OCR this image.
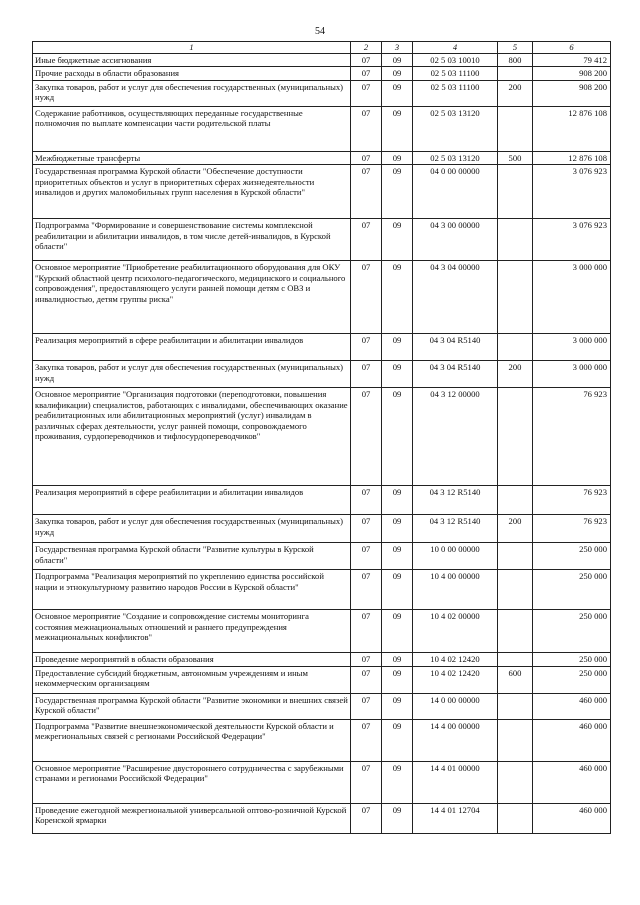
54
1	2	3	4	5	6
Иные бюджетные ассигнования	07	09	02 5 03 10010	800	79 412
Прочие расходы в области образования	07	09	02 5 03 11100		908 200
Закупка товаров, работ и услуг для обеспечения государственных (муниципальных) нужд	07	09	02 5 03 11100	200	908 200
Содержание работников, осуществляющих переданные государственные полномочия по выплате компенсации части родительской платы	07	09	02 5 03 13120		12 876 108
Межбюджетные трансферты	07	09	02 5 03 13120	500	12 876 108
Государственная программа Курской области "Обеспечение доступности приоритетных объектов и услуг в приоритетных сферах жизнедеятельности инвалидов и других маломобильных групп населения в Курской области"	07	09	04 0 00 00000		3 076 923
Подпрограмма "Формирование и совершенствование системы комплексной реабилитации и абилитации инвалидов, в том числе детей-инвалидов, в Курской области"	07	09	04 3 00 00000		3 076 923
Основное мероприятие "Приобретение реабилитационного оборудования для ОКУ "Курский областной центр психолого-педагогического, медицинского и социального сопровождения", предоставляющего услуги ранней помощи детям с ОВЗ и инвалидностью, детям группы риска"	07	09	04 3 04 00000		3 000 000
Реализация мероприятий в сфере реабилитации и абилитации инвалидов	07	09	04 3 04 R5140		3 000 000
Закупка товаров, работ и услуг для обеспечения государственных (муниципальных) нужд	07	09	04 3 04 R5140	200	3 000 000
Основное мероприятие "Организация подготовки (переподготовки, повышения квалификации) специалистов, работающих с инвалидами, обеспечивающих оказание реабилитационных или абилитационных мероприятий (услуг) инвалидам в различных сферах деятельности, услуг ранней помощи, сопровождаемого проживания, сурдопереводчиков и тифлосурдопереводчиков"	07	09	04 3 12 00000		76 923
Реализация мероприятий в сфере реабилитации и абилитации инвалидов	07	09	04 3 12 R5140		76 923
Закупка товаров, работ и услуг для обеспечения государственных (муниципальных) нужд	07	09	04 3 12 R5140	200	76 923
Государственная программа Курской области "Развитие культуры в Курской области"	07	09	10 0 00 00000		250 000
Подпрограмма "Реализация мероприятий по укреплению единства российской нации и этнокультурному развитию народов России в Курской области"	07	09	10 4 00 00000		250 000
Основное мероприятие "Создание и сопровождение системы мониторинга состояния межнациональных отношений и раннего предупреждения межнациональных конфликтов"	07	09	10 4 02 00000		250 000
Проведение мероприятий в области образования	07	09	10 4 02 12420		250 000
Предоставление субсидий бюджетным, автономным учреждениям и иным некоммерческим организациям	07	09	10 4 02 12420	600	250 000
Государственная программа Курской области "Развитие экономики и внешних связей Курской области"	07	09	14 0 00 00000		460 000
Подпрограмма "Развитие внешнеэкономической деятельности Курской области и межрегиональных связей с регионами Российской Федерации"	07	09	14 4 00 00000		460 000
Основное мероприятие "Расширение двустороннего сотрудничества с зарубежными странами и регионами Российской Федерации"	07	09	14 4 01 00000		460 000
Проведение ежегодной межрегиональной универсальной оптово-розничной Курской Коренской ярмарки	07	09	14 4 01 12704		460 000
